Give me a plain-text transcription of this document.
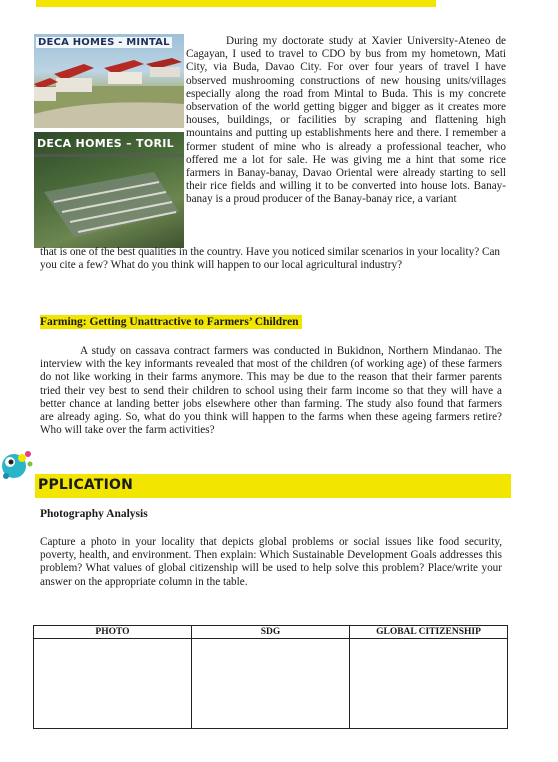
DECA HOMES - MINTAL
DECA HOMES – TORIL

During my doctorate study at Xavier University-Ateneo de Cagayan, I used to travel to CDO by bus from my hometown, Mati City, via Buda, Davao City. For over four years of travel I have observed mushrooming constructions of new housing units/villages especially along the road from Mintal to Buda. This is my concrete observation of the world getting bigger and bigger as it creates more houses, buildings, or facilities by scraping and flattening high mountains and putting up establishments here and there. I remember a former student of mine who is already a professional teacher, who offered me a lot for sale. He was giving me a hint that some rice farmers in Banay-banay, Davao Oriental were already starting to sell their rice fields and willing it to be converted into house lots. Banay-banay is a proud producer of the Banay-banay rice, a variant

that is one of the best qualities in the country. Have you noticed similar scenarios in your locality? Can you cite a few? What do you think will happen to our local agricultural industry?

Farming: Getting Unattractive to Farmers’ Children

A study on cassava contract farmers was conducted in Bukidnon, Northern Mindanao. The interview with the key informants revealed that most of the children (of working age) of these farmers do not like working in their farms anymore. This may be due to the reason that their farmer parents tried their vey best to send their children to school using their farm income so that they will have a better chance at landing better jobs elsewhere other than farming. The study also found that farmers are already aging. So, what do you think will happen to the farms when these ageing farmers retire? Who will take over the farm activities?

PPLICATION
Photography Analysis

Capture a photo in your locality that depicts global problems or social issues like food security, poverty, health, and environment. Then explain: Which Sustainable Development Goals addresses this problem? What values of global citizenship will be used to help solve this problem? Place/write your answer on the appropriate column in the table.

PHOTO	SDG	GLOBAL CITIZENSHIP
